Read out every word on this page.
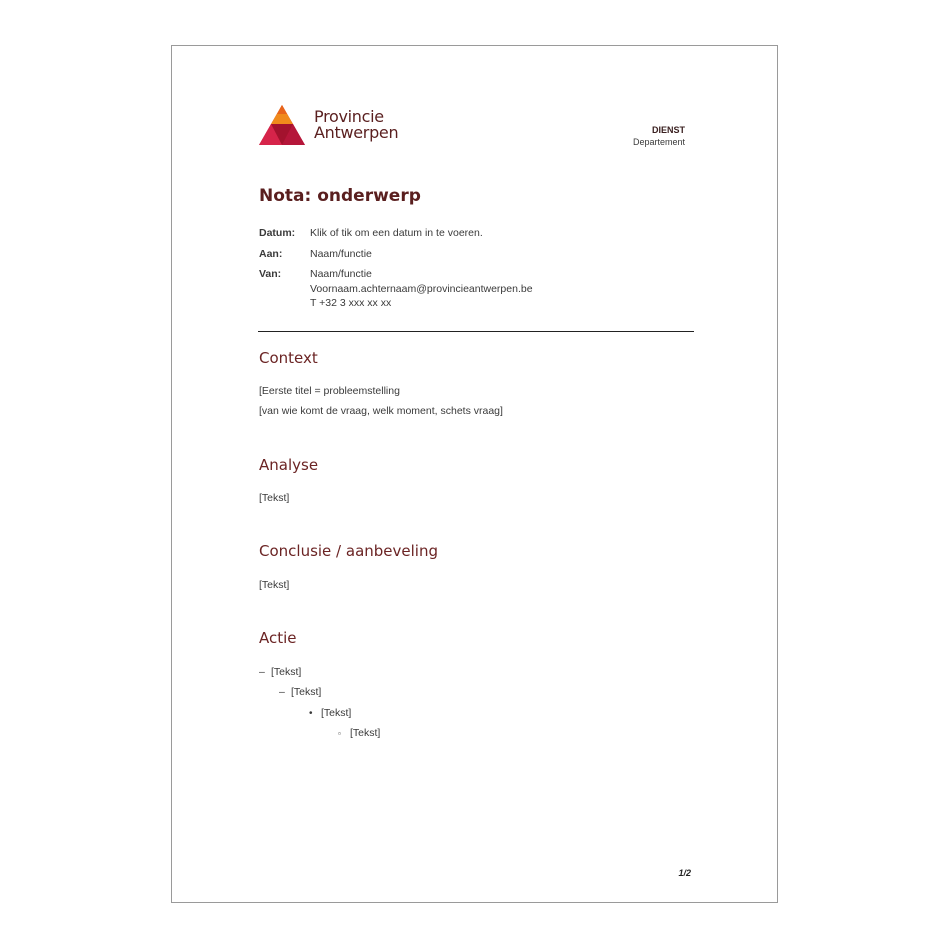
Provincie
Antwerpen	DIENST
Departement
Nota: onderwerp
Datum:	Klik of tik om een datum in te voeren.
Aan:	Naam/functie
Van:	Naam/functie
Voornaam.achternaam@provincieantwerpen.be
T +32 3 xxx xx xx
Context
[Eerste titel = probleemstelling
[van wie komt de vraag, welk moment, schets vraag]
Analyse
[Tekst]
Conclusie / aanbeveling
[Tekst]
Actie
– [Tekst]
– [Tekst]
• [Tekst]
▫ [Tekst]
1/2
